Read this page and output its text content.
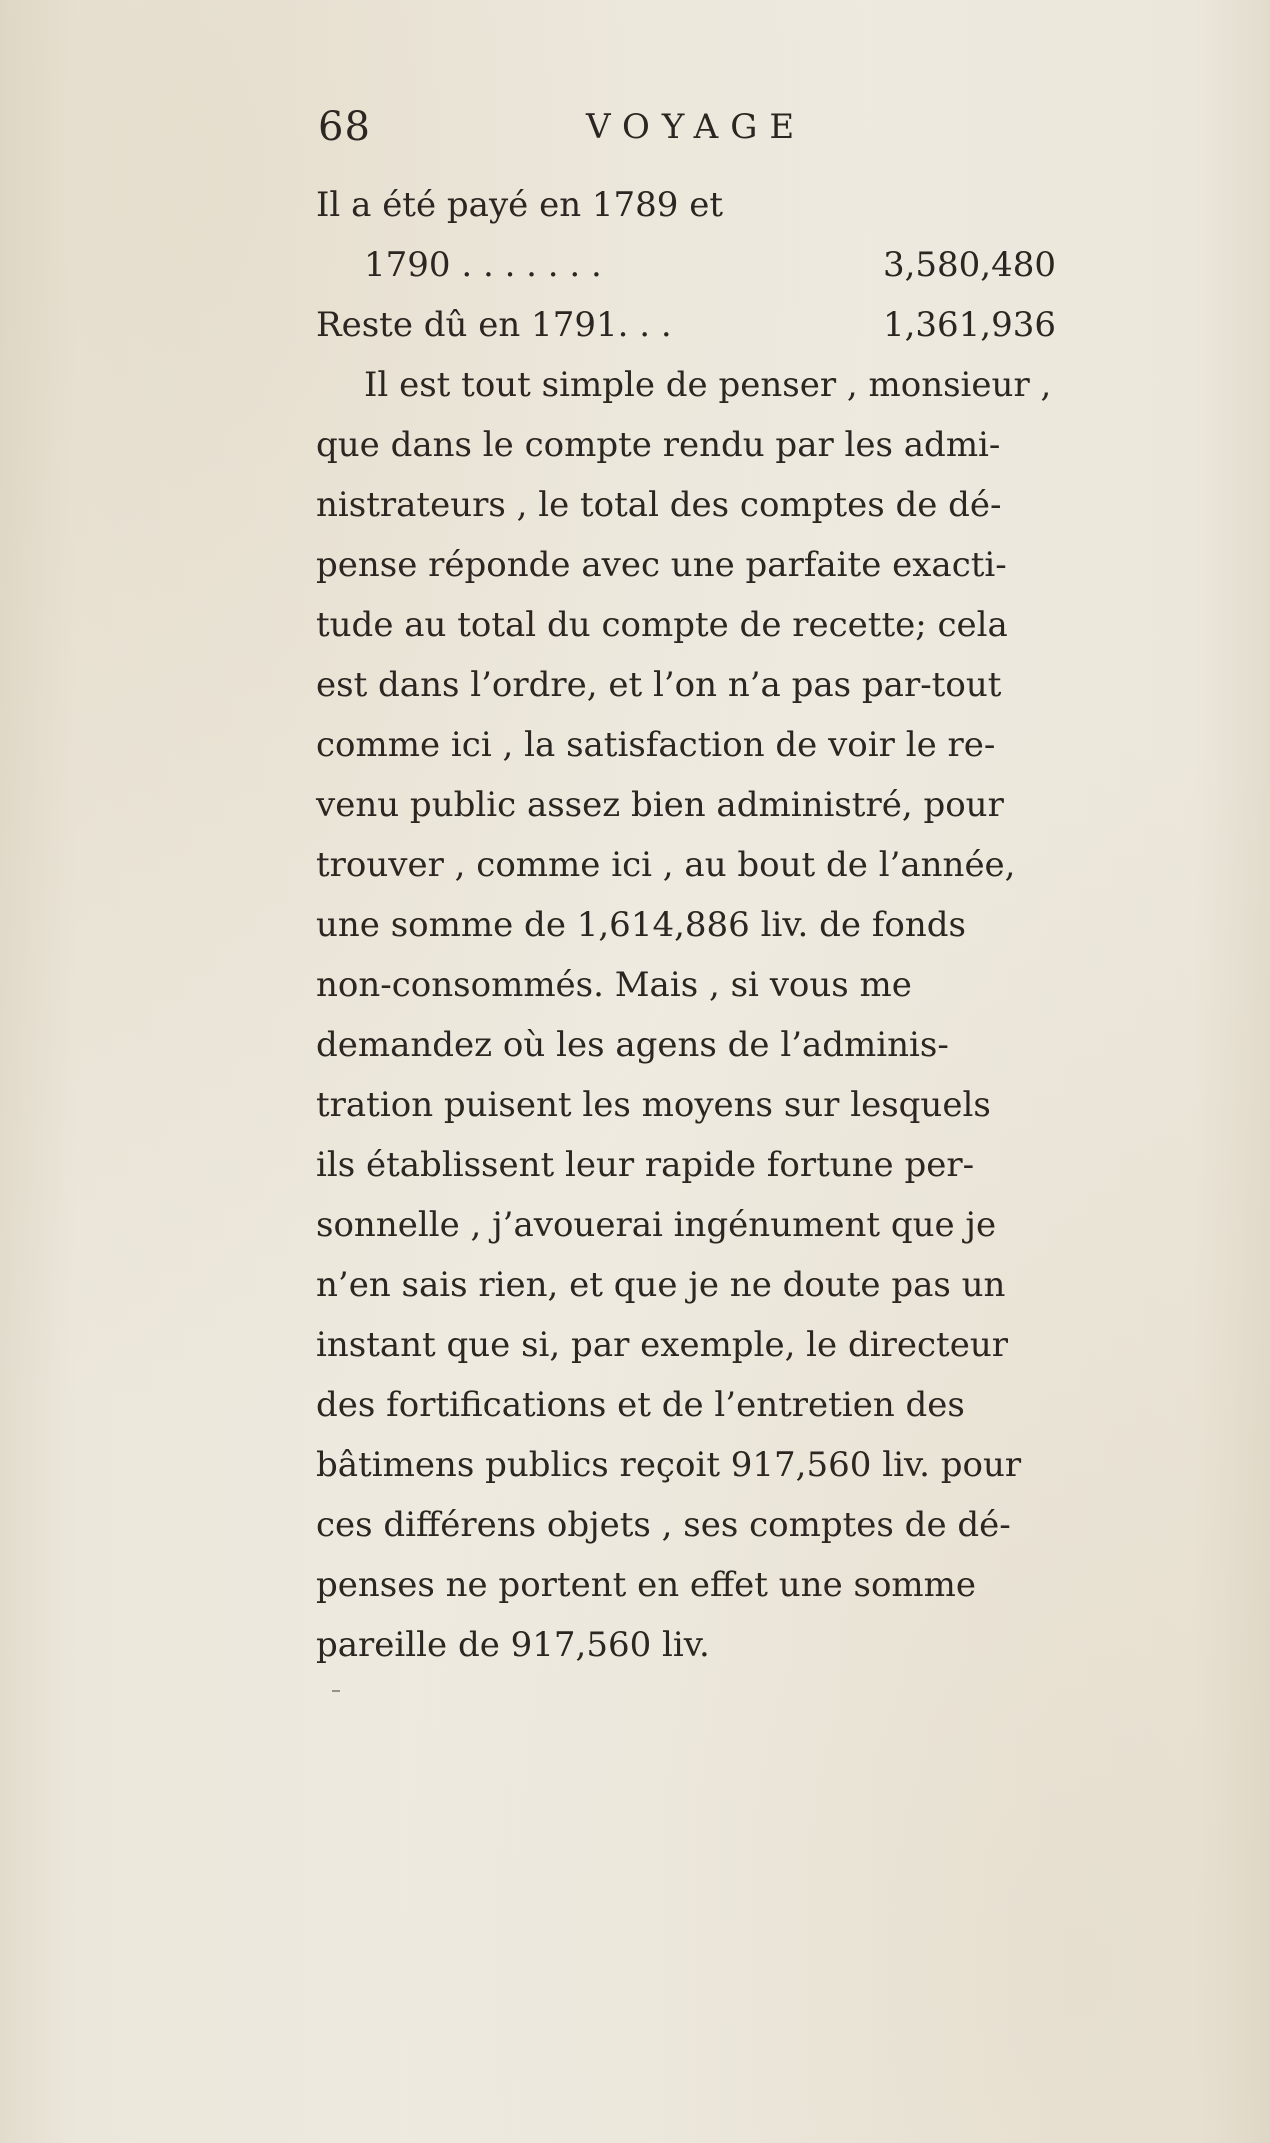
68	VOYAGE
Il a été payé en 1789 et
1790 . . . . . . .	3,580,480
Reste dû en 1791. . .	1,361,936
Il est tout simple de penser , monsieur ,
que dans le compte rendu par les admi-
nistrateurs , le total des comptes de dé-
pense réponde avec une parfaite exacti-
tude au total du compte de recette; cela
est dans l’ordre, et l’on n’a pas par-tout
comme ici , la satisfaction de voir le re-
venu public assez bien administré, pour
trouver , comme ici , au bout de l’année,
une somme de 1,614,886 liv. de fonds
non-consommés. Mais , si vous me
demandez où les agens de l’adminis-
tration puisent les moyens sur lesquels
ils établissent leur rapide fortune per-
sonnelle , j’avouerai ingénument que je
n’en sais rien, et que je ne doute pas un
instant que si, par exemple, le directeur
des fortifications et de l’entretien des
bâtimens publics reçoit 917,560 liv. pour
ces différens objets , ses comptes de dé-
penses ne portent en effet une somme
pareille de 917,560 liv.
